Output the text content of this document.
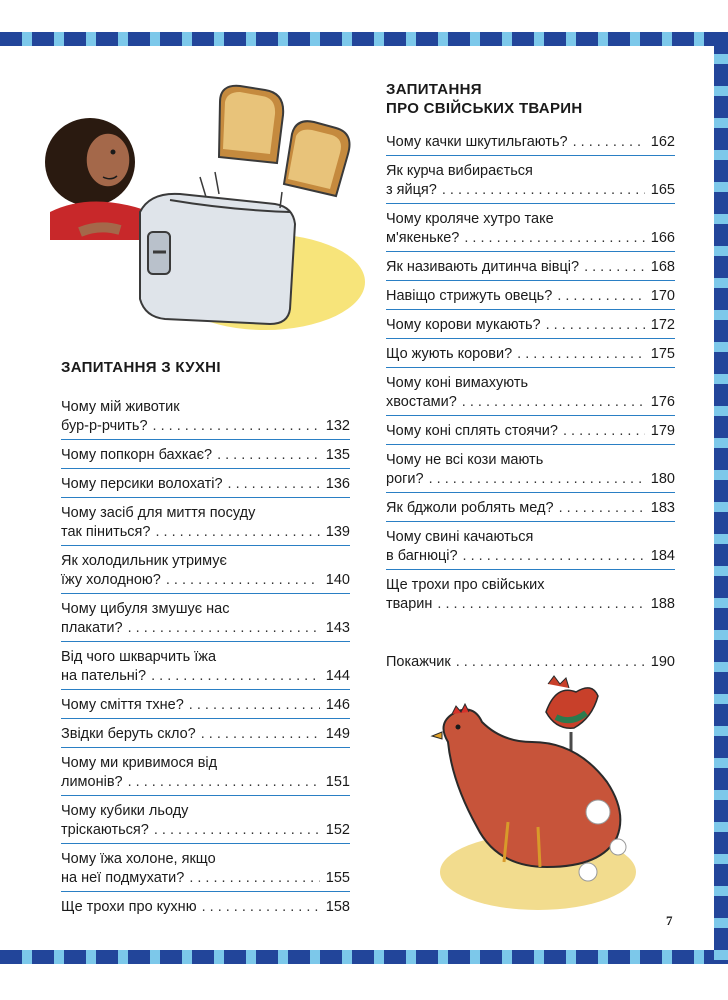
ЗАПИТАННЯ З КУХНІ
Чому мій животик
бур-р-рчить? . . .	132
Чому попкорн бахкає? . . .	135
Чому персики волохаті? . . .	136
Чому засіб для миття посуду
так піниться? . . .	139
Як холодильник утримує
їжу холодною? . . .	140
Чому цибуля змушує нас
плакати? . . .	143
Від чого шкварчить їжа
на пательні? . . .	144
Чому сміття тхне? . . .	146
Звідки беруть скло? . . .	149
Чому ми кривимося від
лимонів? . . .	151
Чому кубики льоду
тріскаються? . . .	152
Чому їжа холоне, якщо
на неї подмухати? . . .	155
Ще трохи про кухню . . .	158
ЗАПИТАННЯ
ПРО СВІЙСЬКИХ ТВАРИН
Чому качки шкутильгають? . . .	162
Як курча вибирається
з яйця? . . .	165
Чому кроляче хутро таке
м'якеньке? . . .	166
Як називають дитинча вівці? . . .	168
Навіщо стрижуть овець? . . .	170
Чому корови мукають? . . .	172
Що жують корови? . . .	175
Чому коні вимахують
хвостами? . . .	176
Чому коні сплять стоячи? . . .	179
Чому не всі кози мають
роги? . . .	180
Як бджоли роблять мед? . . .	183
Чому свині качаються
в багнюці? . . .	184
Ще трохи про свійських
тварин . . .	188
Покажчик . . .	190
7
